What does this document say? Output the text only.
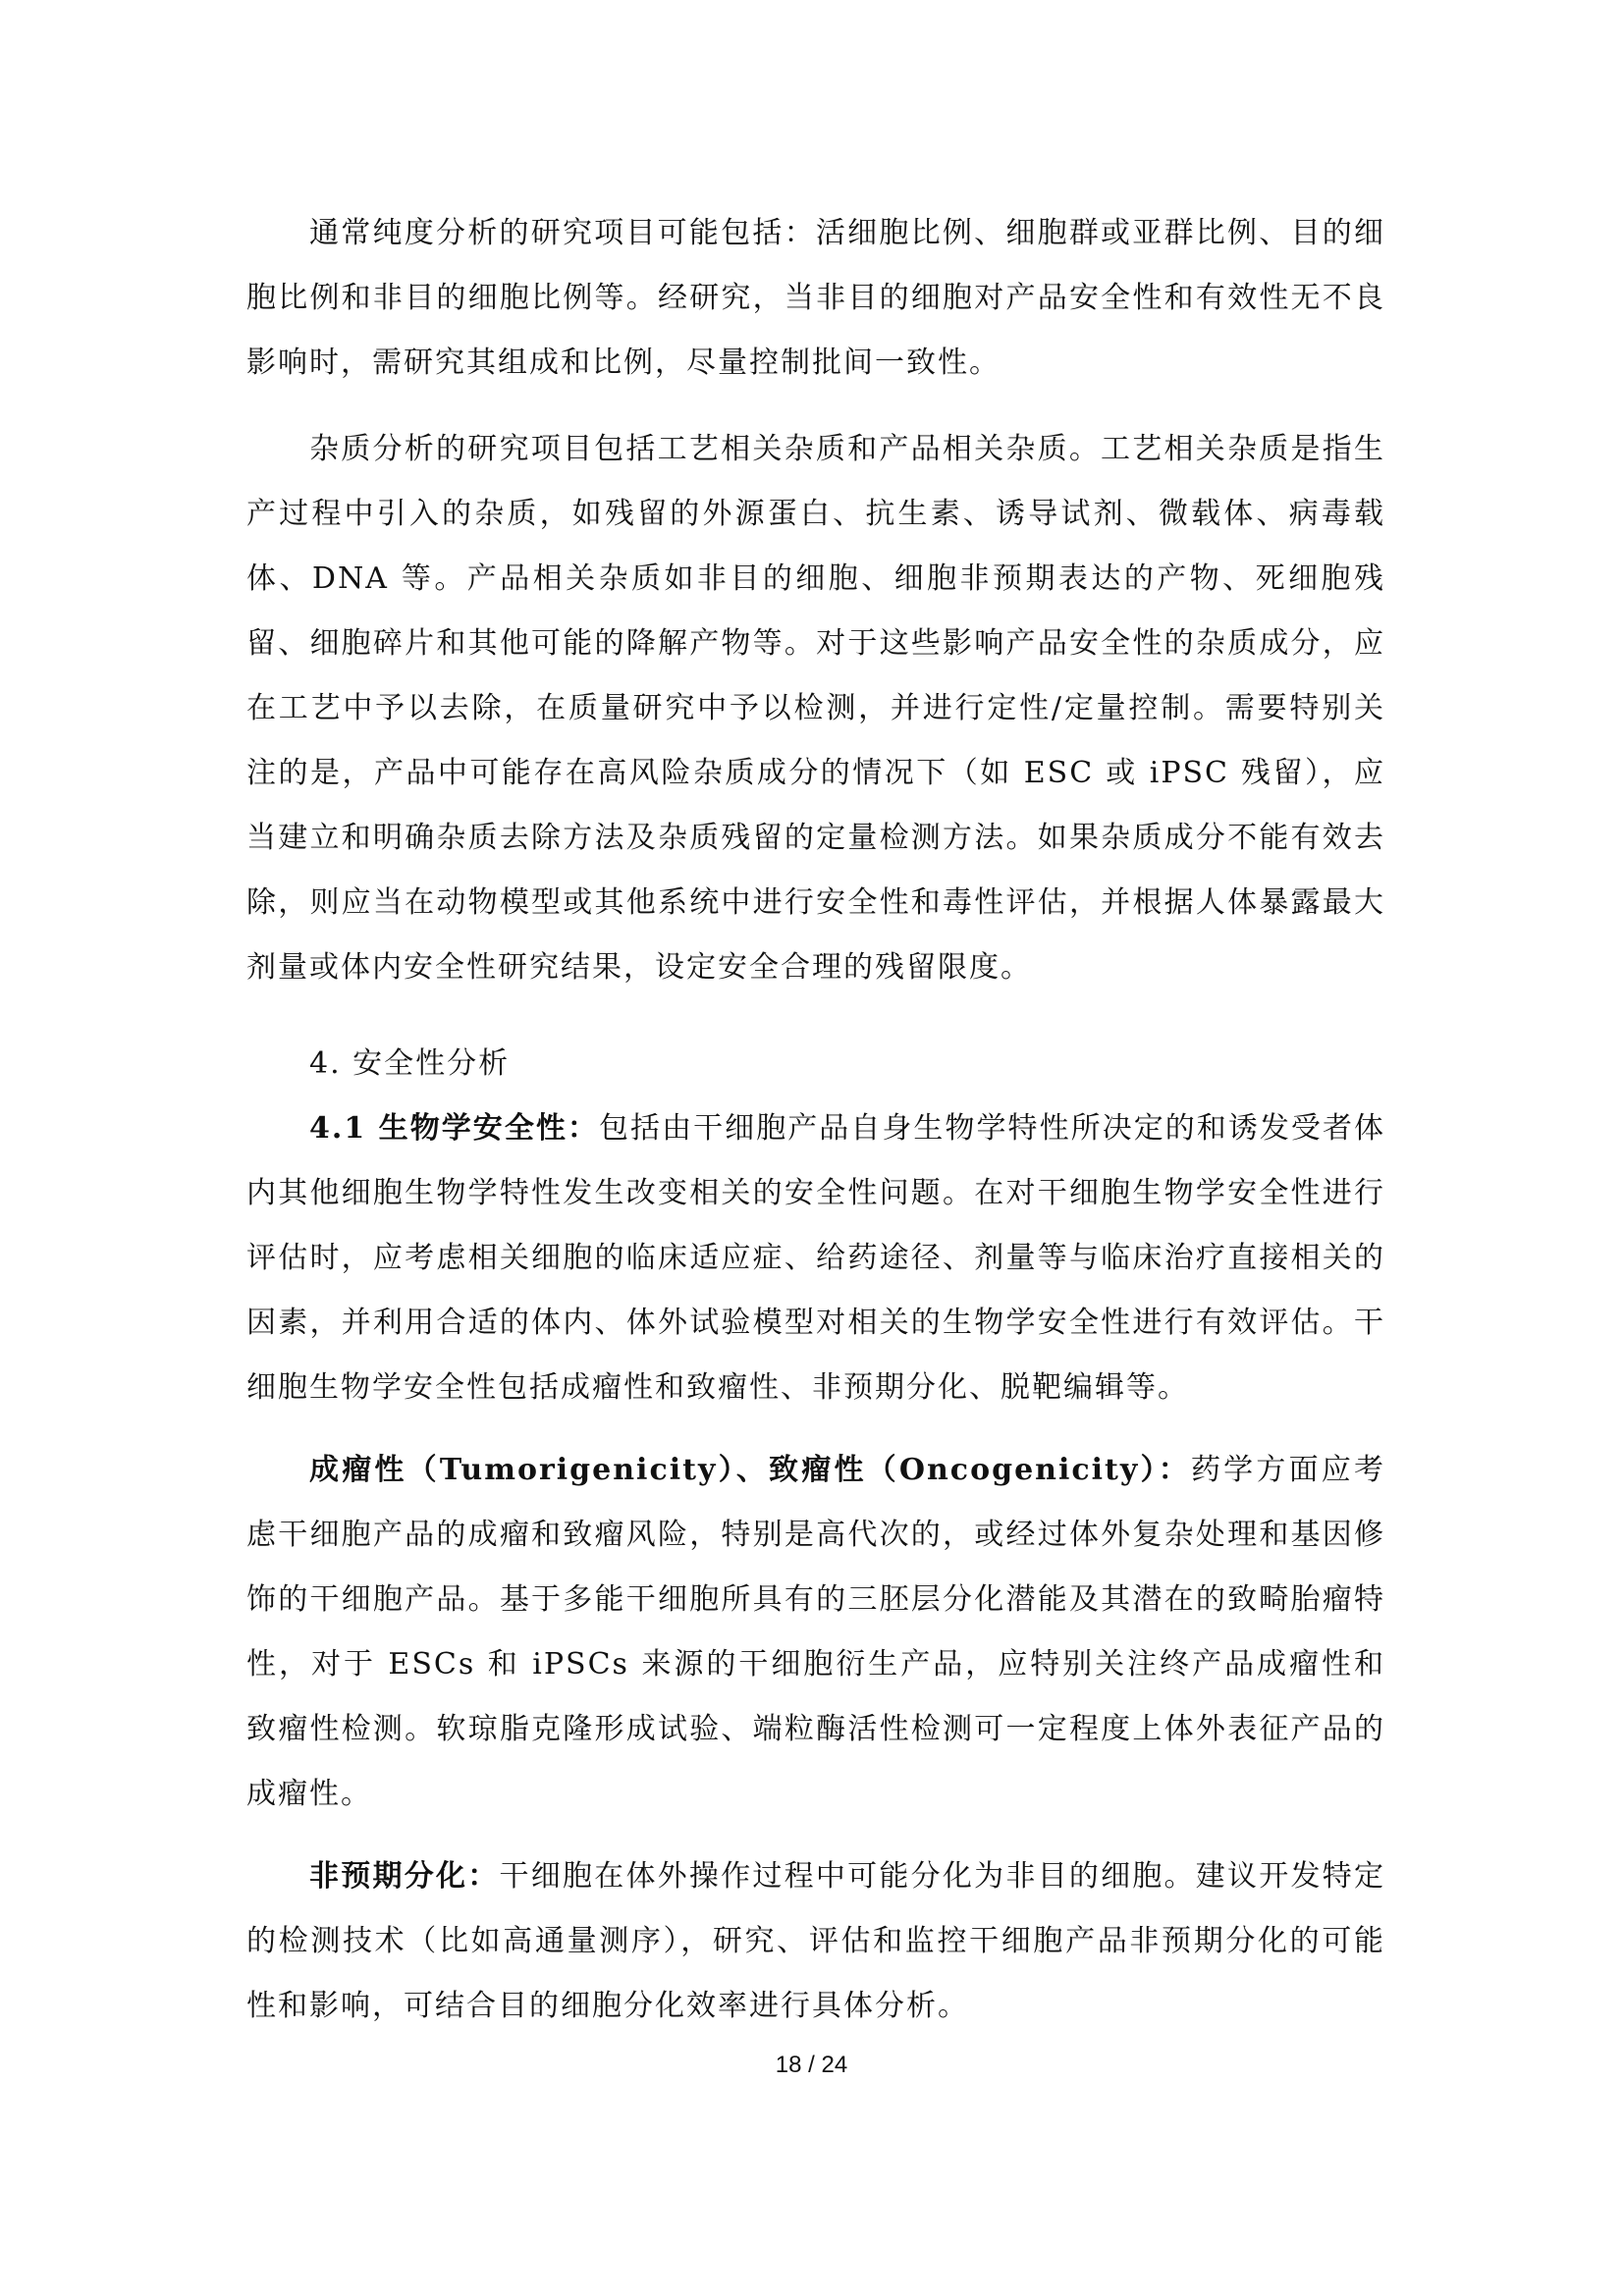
通常纯度分析的研究项目可能包括：活细胞比例、细胞群或亚群比例、目的细胞比例和非目的细胞比例等。经研究，当非目的细胞对产品安全性和有效性无不良影响时，需研究其组成和比例，尽量控制批间一致性。

杂质分析的研究项目包括工艺相关杂质和产品相关杂质。工艺相关杂质是指生产过程中引入的杂质，如残留的外源蛋白、抗生素、诱导试剂、微载体、病毒载体、DNA 等。产品相关杂质如非目的细胞、细胞非预期表达的产物、死细胞残留、细胞碎片和其他可能的降解产物等。对于这些影响产品安全性的杂质成分，应在工艺中予以去除，在质量研究中予以检测，并进行定性/定量控制。需要特别关注的是，产品中可能存在高风险杂质成分的情况下（如 ESC 或 iPSC 残留），应当建立和明确杂质去除方法及杂质残留的定量检测方法。如果杂质成分不能有效去除，则应当在动物模型或其他系统中进行安全性和毒性评估，并根据人体暴露最大剂量或体内安全性研究结果，设定安全合理的残留限度。

4. 安全性分析

4.1 生物学安全性：包括由干细胞产品自身生物学特性所决定的和诱发受者体内其他细胞生物学特性发生改变相关的安全性问题。在对干细胞生物学安全性进行评估时，应考虑相关细胞的临床适应症、给药途径、剂量等与临床治疗直接相关的因素，并利用合适的体内、体外试验模型对相关的生物学安全性进行有效评估。干细胞生物学安全性包括成瘤性和致瘤性、非预期分化、脱靶编辑等。

成瘤性（Tumorigenicity）、致瘤性（Oncogenicity）：药学方面应考虑干细胞产品的成瘤和致瘤风险，特别是高代次的，或经过体外复杂处理和基因修饰的干细胞产品。基于多能干细胞所具有的三胚层分化潜能及其潜在的致畸胎瘤特性，对于 ESCs 和 iPSCs 来源的干细胞衍生产品，应特别关注终产品成瘤性和致瘤性检测。软琼脂克隆形成试验、端粒酶活性检测可一定程度上体外表征产品的成瘤性。

非预期分化：干细胞在体外操作过程中可能分化为非目的细胞。建议开发特定的检测技术（比如高通量测序），研究、评估和监控干细胞产品非预期分化的可能性和影响，可结合目的细胞分化效率进行具体分析。

18 / 24
